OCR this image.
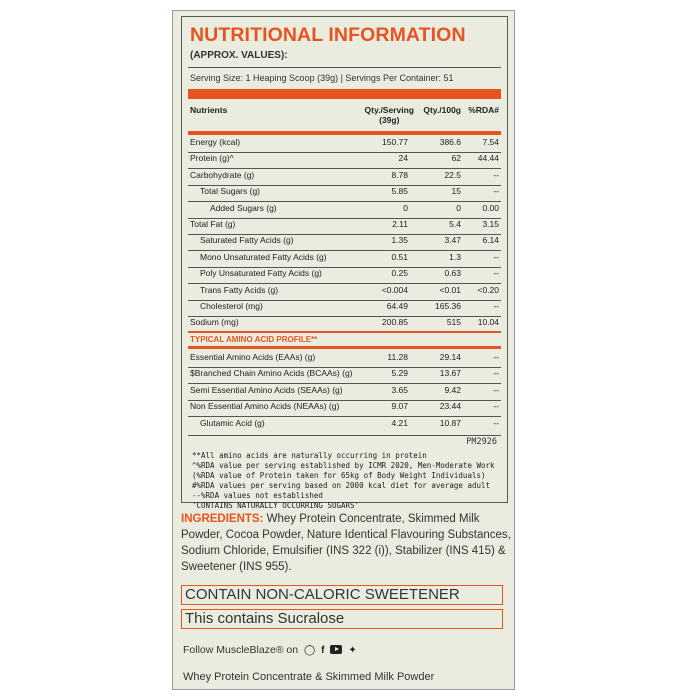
NUTRITIONAL INFORMATION
(APPROX. VALUES):
Serving Size: 1 Heaping Scoop (39g) | Servings Per Container: 51
Nutrients	Qty./Serving
(39g)
Qty./100g %RDA#
Energy (kcal)	150.77	386.6	7.54
Protein (g)^	24	62 44.44
Carbohydrate (g)	8.78	22.5	--
Total Sugars (g)	5.85	15	--
Added Sugars (g)	0	0	0.00
Total Fat (g)	2.11	5.4	3.15
Saturated Fatty Acids (g)	1.35	3.47	6.14
Mono Unsaturated Fatty Acids (g)	0.51	1.3	--
Poly Unsaturated Fatty Acids (g)	0.25	0.63	--
Trans Fatty Acids (g)	<0.004	<0.01 <0.20
Cholesterol (mg)	64.49	165.36	--
Sodium (mg)	200.85	515 10.04
TYPICAL AMINO ACID PROFILE**
Essential Amino Acids (EAAs) (g)	11.28	29.14	--
$Branched Chain Amino Acids (BCAAs) (g)	5.29	13.67	--
Semi Essential Amino Acids (SEAAs) (g)	3.65	9.42	--
Non Essential Amino Acids (NEAAs) (g)	9.07	23.44	--
Glutamic Acid (g)	4.21	10.87	--
PM2926
**All amino acids are naturally occurring in protein
^%RDA value per serving established by ICMR 2020, Men-Moderate Work
(%RDA value of Protein taken for 65kg of Body Weight Individuals)
#%RDA values per serving based on 2000 kcal diet for average adult
--%RDA values not established
'CONTAINS NATURALLY OCCURRING SUGARS'
INGREDIENTS: Whey Protein Concentrate, Skimmed Milk Powder, Cocoa Powder, Nature Identical Flavouring Substances, Sodium Chloride, Emulsifier (INS 322 (i)), Stabilizer (INS 415) & Sweetener (INS 955).
CONTAIN NON-CALORIC SWEETENER
This contains Sucralose
Follow MuscleBlaze® on ◯ f ✦
Whey Protein Concentrate & Skimmed Milk Powder
